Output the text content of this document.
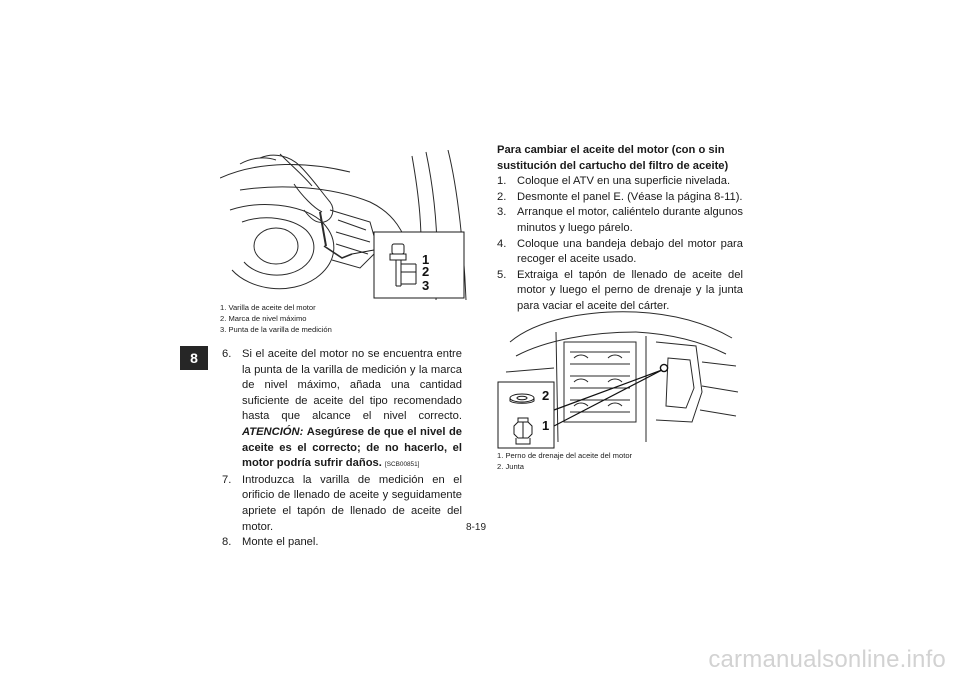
8
1
2
3
1. Varilla de aceite del motor
2. Marca de nivel máximo
3. Punta de la varilla de medición
6. Si el aceite del motor no se encuentra entre la punta de la varilla de medición y la marca de nivel máximo, añada una cantidad suficiente de aceite del tipo recomendado hasta que alcance el nivel correcto. ATENCIÓN: Asegúrese de que el nivel de aceite es el correcto; de no hacerlo, el motor podría sufrir daños. [SCB00851]
7. Introduzca la varilla de medición en el orificio de llenado de aceite y seguidamente apriete el tapón de llenado de aceite del motor.
8. Monte el panel.
Para cambiar el aceite del motor (con o sin sustitución del cartucho del filtro de aceite)
1. Coloque el ATV en una superficie nivelada.
2. Desmonte el panel E. (Véase la página 8-11).
3. Arranque el motor, caliéntelo durante algunos minutos y luego párelo.
4. Coloque una bandeja debajo del motor para recoger el aceite usado.
5. Extraiga el tapón de llenado de aceite del motor y luego el perno de drenaje y la junta para vaciar el aceite del cárter.
2
1
1. Perno de drenaje del aceite del motor
2. Junta
8-19
carmanualsonline.info
